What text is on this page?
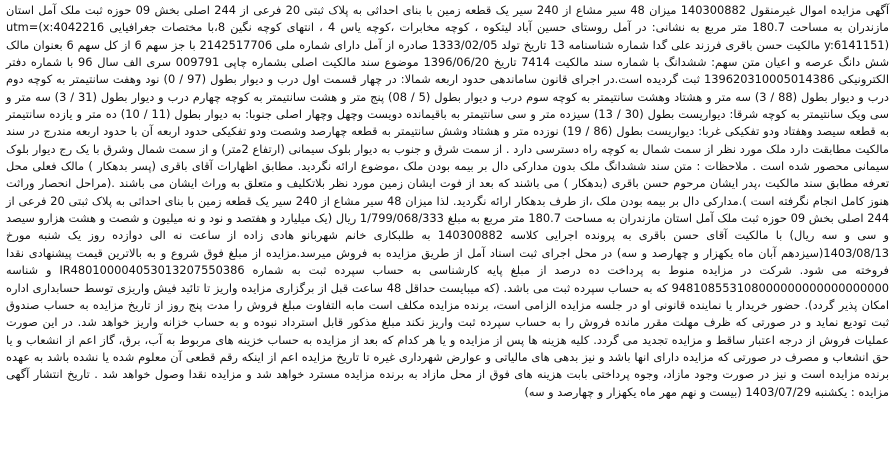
آگهی مزایده اموال غیرمنقول 140300882 میزان 48 سیر مشاع از 240 سیر یک قطعه زمین با بنای احداثی به پلاک ثبتی 20 فرعی از 244 اصلی بخش 09 حوزه ثبت ملک آمل استان مازندران به مساحت 180.7 متر مربع به نشانی: در آمل روستای حسین آباد لیتکوه ، کوچه مخابرات ،کوچه یاس 4 ، انتهای کوچه نگین 8،با مختصات جغرافیایی utm=(x:4042216 y:6141151) مالکیت حسن باقری فرزند علی گدا شماره شناسنامه 13 تاریخ تولد 1333/02/05 صادره از آمل دارای شماره ملی 2142517706 با جز سهم 6 از کل سهم 6 بعنوان مالک شش دانگ عرصه و اعیان متن سهم: ششدانگ با شماره سند مالکیت 7414 تاریخ 1396/06/20 موضوع سند مالکیت اصلی بشماره چاپی 009791 سری الف سال 96 با شماره دفتر الکترونیکی 139620310005014386 ثبت گردیده است.در اجرای قانون ساماندهی حدود اربعه شمالا: در چهار قسمت اول درب و دیوار بطول (97 / 0) نود وهفت سانتیمتر به کوچه دوم درب و دیوار بطول (88 / 3) سه متر و هشتاد وهشت سانتیمتر به کوچه سوم درب و دیوار بطول (5 / 08) پنج متر و هشت سانتیمتر به کوچه چهارم درب و دیوار بطول (31 / 3) سه متر و سی ویک سانتیمتر به کوچه شرقا: دیواریست بطول (30 / 13) سیزده متر و سی سانتیمتر به باقیمانده دویست وچهل وچهار اصلی جنوبا: به دیوار بطول (11 / 10) ده متر و یازده سانتیمتر به قطعه سیصد وهفتاد ودو تفکیکی غربا: دیواریست بطول (86 / 19) نوزده متر و هشتاد وشش سانتیمتر به قطعه چهارصد وشصت ودو تفکیکی حدود اربعه آن با حدود اربعه مندرج در سند مالکیت مطابقت دارد ملک مورد نظر از سمت شمال به کوچه راه دسترسی دارد . از سمت شرق و جنوب به دیوار بلوک سیمانی (ارتفاع 2متر) و از سمت شمال وشرق با یک رج دیوار بلوک سیمانی محصور شده است . ملاحظات : متن سند ششدانگ ملک بدون مدارکی دال بر بیمه بودن ملک ،موضوع ارائه نگردید. مطابق اظهارات آقای باقری (پسر بدهکار ) مالک فعلی محل تعرفه مطابق سند مالکیت ،پدر ایشان مرحوم حسن باقری (بدهکار ) می باشند که بعد از فوت ایشان زمین مورد نظر بلاتکلیف و متعلق به وراث ایشان می باشند .(مراحل انحصار وراثت هنوز کامل انجام نگرفته است ).مدارکی دال بر بیمه بودن ملک ،از طرف بدهکار ارائه نگردید. لذا میزان 48 سیر مشاع از 240 سیر یک قطعه زمین با بنای احداثی به پلاک ثبتی 20 فرعی از 244 اصلی بخش 09 حوزه ثبت ملک آمل استان مازندران به مساحت 180.7 متر مربع به مبلغ 1/799/068/333 ریال (یک میلیارد و هفتصد و نود و نه میلیون و شصت و هشت هزارو سیصد و سی و سه ریال) با مالکیت آقای حسن باقری به پرونده اجرایی کلاسه 140300882 به طلبکاری خانم شهربانو هادی زاده از ساعت نه الی دوازده روز یک شنبه مورخ 1403/08/13(سیزدهم آبان ماه یکهزار و چهارصد و سه) در محل اجرای ثبت اسناد آمل از طریق مزایده به فروش میرسد.مزایده از مبلغ فوق شروع و به بالاترین قیمت پیشنهادی نقدا فروخته می شود. شرکت در مزایده منوط به پرداخت ده درصد از مبلغ پایه کارشناسی به حساب سپرده ثبت به شماره IR480100004053013207550386 و شناسه 948108553108000000000000000000 که به حساب سپرده ثبت می باشد. (که میبایست حداقل 48 ساعت قبل از برگزاری مزایده واریز تا تائید فیش واریزی توسط حسابداری اداره امکان پذیر گردد). حضور خریدار یا نماینده قانونی او در جلسه مزایده الزامی است، برنده مزایده مکلف است مابه التفاوت مبلغ فروش را مدت پنج روز از تاریخ مزایده به حساب صندوق ثبت تودیع نماید و در صورتی که ظرف مهلت مقرر مانده فروش را به حساب سپرده ثبت واریز نکند مبلغ مذکور قابل استرداد نبوده و به حساب خزانه واریز خواهد شد. در این صورت عملیات فروش از درجه اعتبار ساقط و مزایده تجدید می گردد. کلیه هزینه ها پس از مزایده و یا هر کدام که بعد از مزایده به حساب خزینه های مربوط به آب، برق، گاز اعم از انشعاب و یا حق انشعاب و مصرف در صورتی که مزایده دارای انها باشد و نیز بدهی های مالیاتی و عوارض شهرداری غیره تا تاریخ مزایده اعم از اینکه رقم قطعی آن معلوم شده یا نشده باشد به عهده برنده مزایده است و نیز در صورت وجود مازاد، وجوه پرداختی بابت هزینه های فوق از محل مازاد به برنده مزایده مسترد خواهد شد و مزایده نقدا وصول خواهد شد . تاریخ انتشار آگهی مزایده : یکشنبه 1403/07/29 (بیست و نهم مهر ماه یکهزار و چهارصد و سه)
